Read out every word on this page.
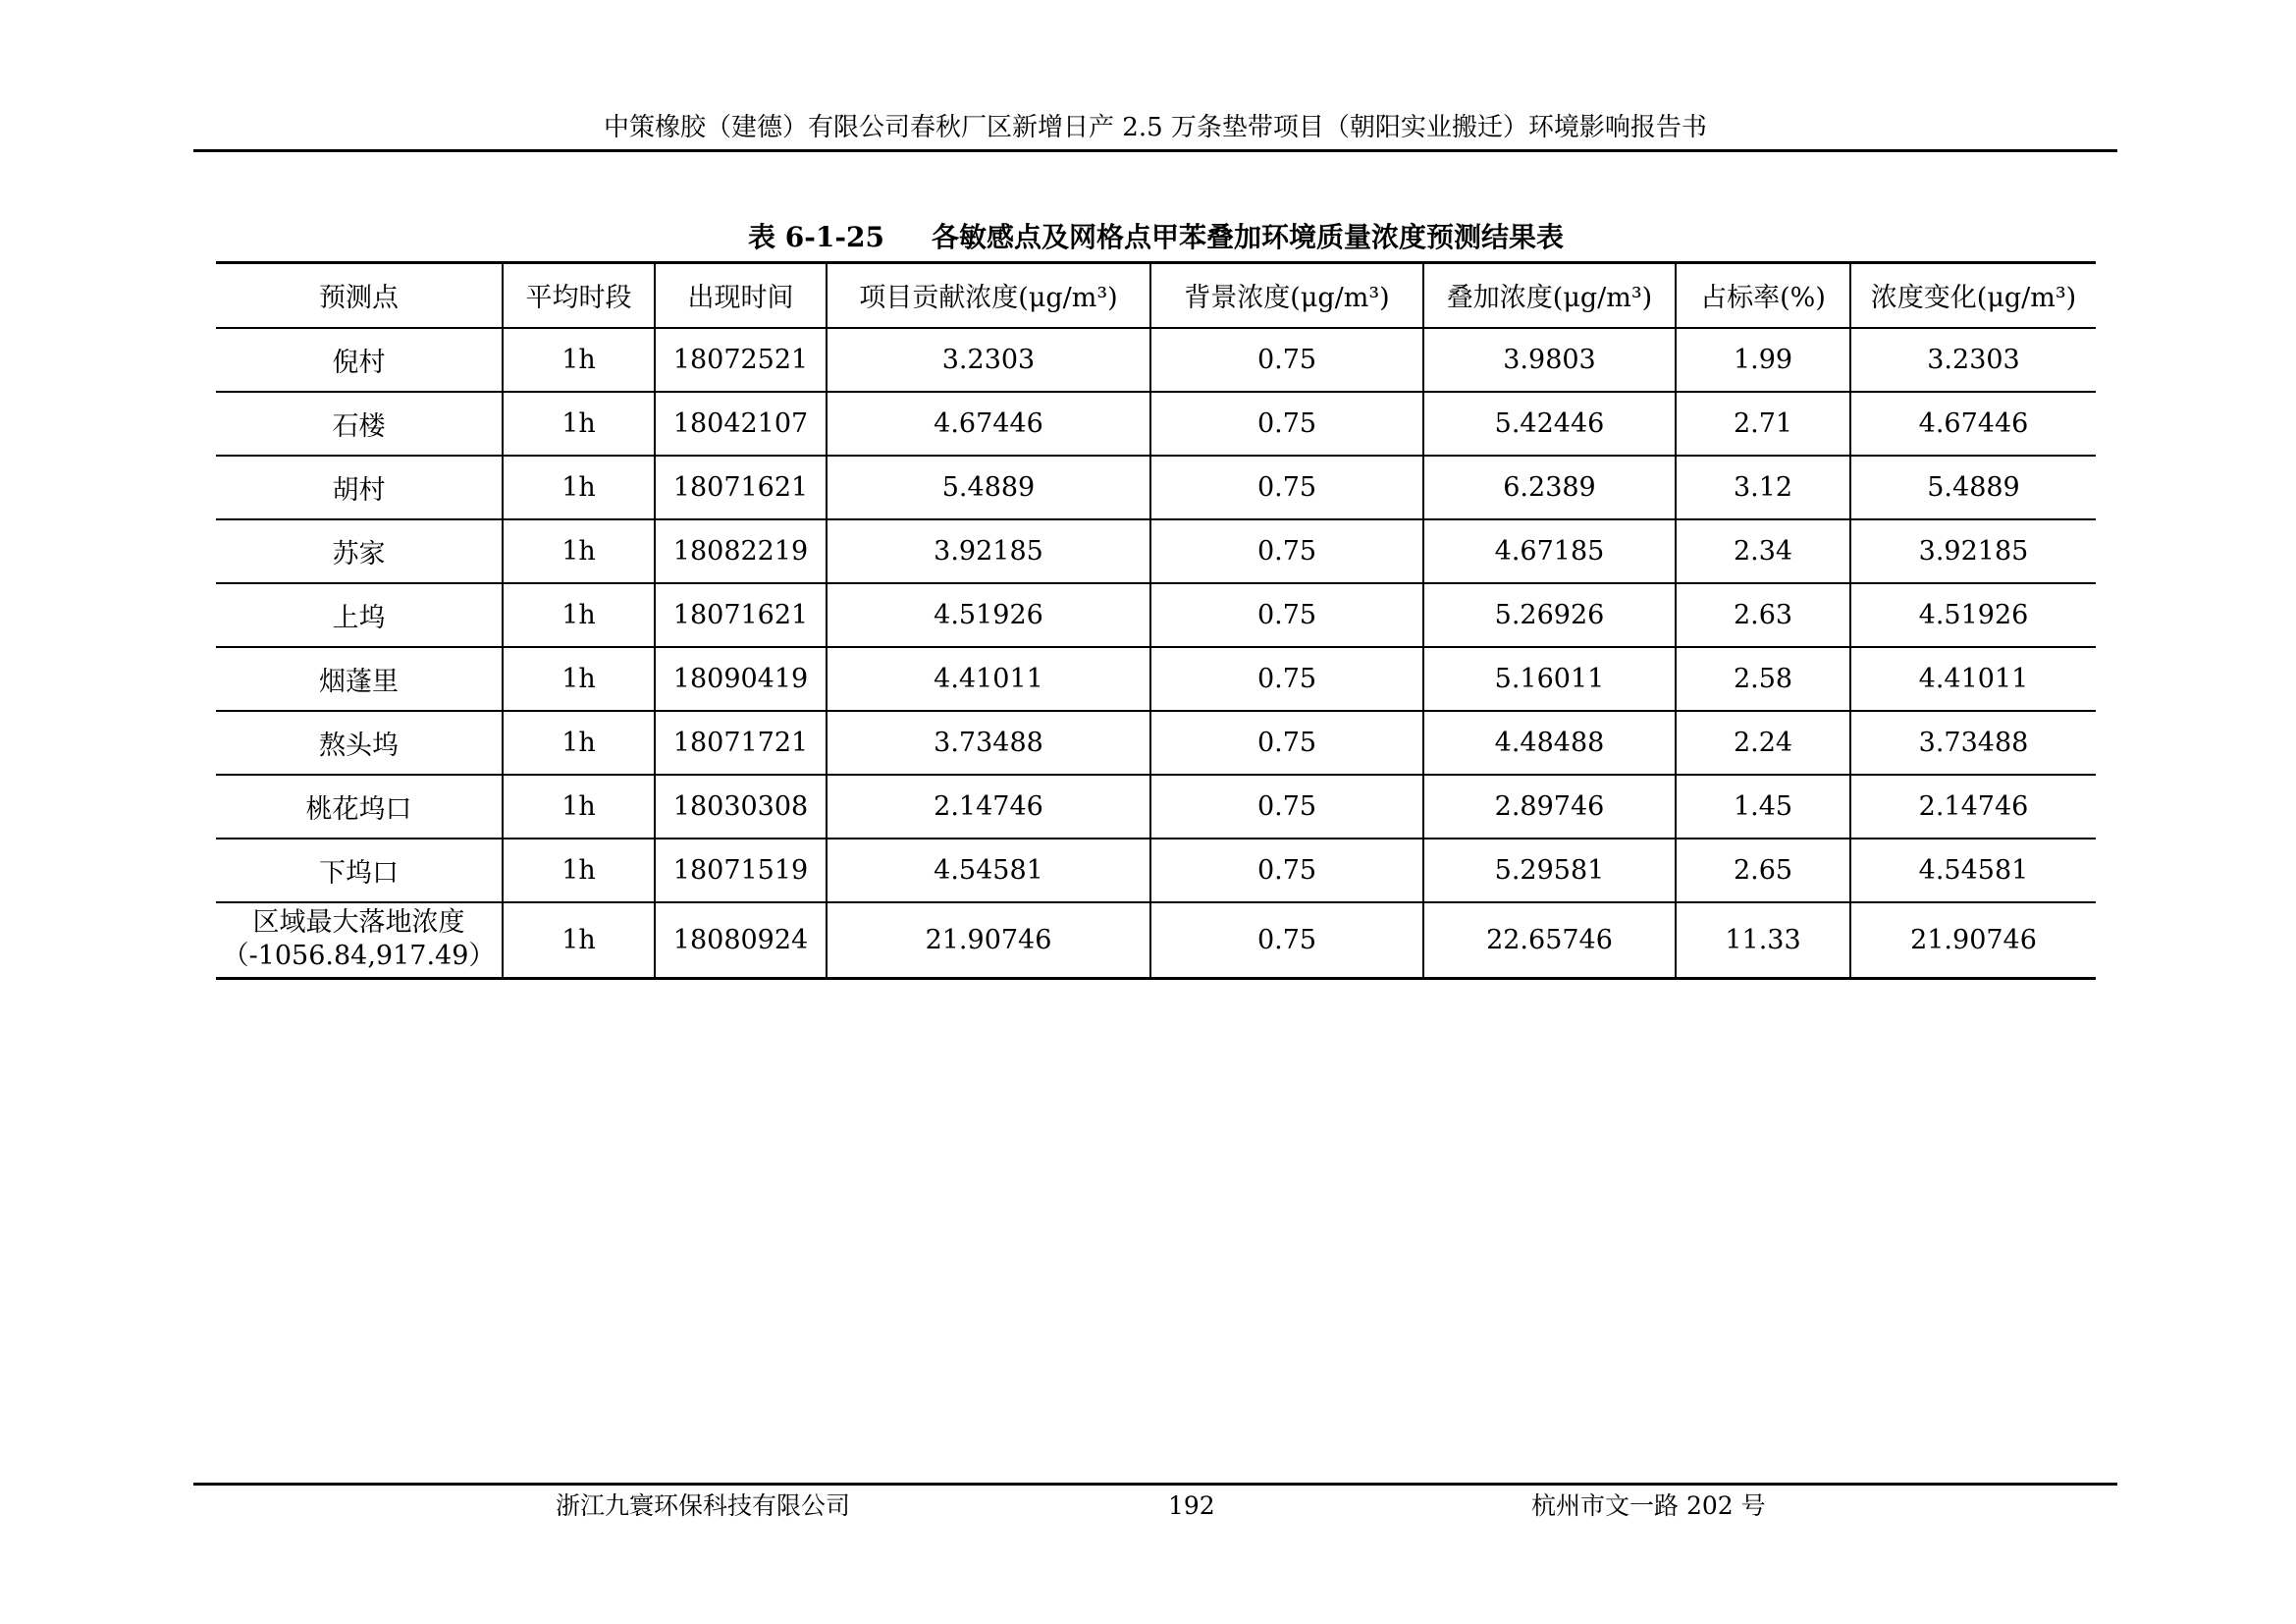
中策橡胶（建德）有限公司春秋厂区新增日产 2.5 万条垫带项目（朝阳实业搬迁）环境影响报告书
表 6-1-25 各敏感点及网格点甲苯叠加环境质量浓度预测结果表
预测点	平均时段	出现时间	项目贡献浓度(μg/m³)	背景浓度(μg/m³)	叠加浓度(μg/m³)	占标率(%)	浓度变化(μg/m³)
倪村	1h	18072521	3.2303	0.75	3.9803	1.99	3.2303
石楼	1h	18042107	4.67446	0.75	5.42446	2.71	4.67446
胡村	1h	18071621	5.4889	0.75	6.2389	3.12	5.4889
苏家	1h	18082219	3.92185	0.75	4.67185	2.34	3.92185
上坞	1h	18071621	4.51926	0.75	5.26926	2.63	4.51926
烟蓬里	1h	18090419	4.41011	0.75	5.16011	2.58	4.41011
熬头坞	1h	18071721	3.73488	0.75	4.48488	2.24	3.73488
桃花坞口	1h	18030308	2.14746	0.75	2.89746	1.45	2.14746
下坞口	1h	18071519	4.54581	0.75	5.29581	2.65	4.54581

区域最大落地浓度
（-1056.84,917.49）	1h	18080924	21.90746	0.75	22.65746	11.33	21.90746
浙江九寰环保科技有限公司	192	杭州市文一路 202 号
